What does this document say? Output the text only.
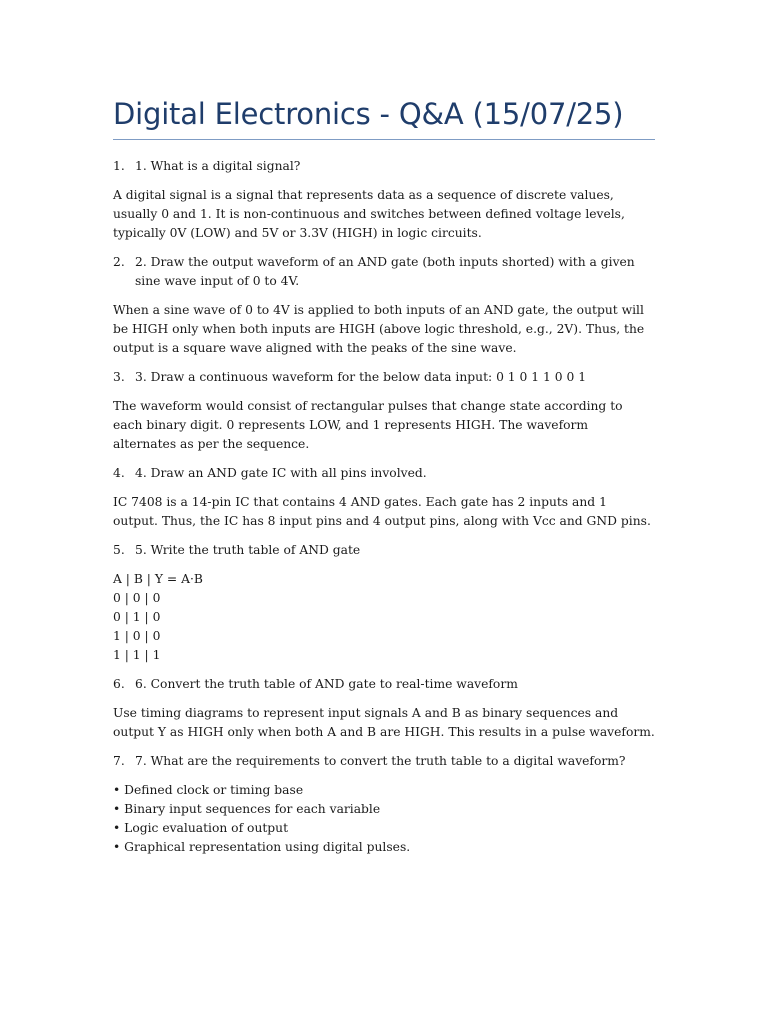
Digital Electronics - Q&A (15/07/25)
1. 1. What is a digital signal?

A digital signal is a signal that represents data as a sequence of discrete values, usually 0 and 1. It is non-continuous and switches between defined voltage levels, typically 0V (LOW) and 5V or 3.3V (HIGH) in logic circuits.

2. 2. Draw the output waveform of an AND gate (both inputs shorted) with a given sine wave input of 0 to 4V.

When a sine wave of 0 to 4V is applied to both inputs of an AND gate, the output will be HIGH only when both inputs are HIGH (above logic threshold, e.g., 2V). Thus, the output is a square wave aligned with the peaks of the sine wave.

3. 3. Draw a continuous waveform for the below data input: 0 1 0 1 1 0 0 1

The waveform would consist of rectangular pulses that change state according to each binary digit. 0 represents LOW, and 1 represents HIGH. The waveform alternates as per the sequence.

4. 4. Draw an AND gate IC with all pins involved.

IC 7408 is a 14-pin IC that contains 4 AND gates. Each gate has 2 inputs and 1 output. Thus, the IC has 8 input pins and 4 output pins, along with Vcc and GND pins.

5. 5. Write the truth table of AND gate
A | B | Y = A·B
0 | 0 | 0
0 | 1 | 0
1 | 0 | 0
1 | 1 | 1
6. 6. Convert the truth table of AND gate to real-time waveform

Use timing diagrams to represent input signals A and B as binary sequences and output Y as HIGH only when both A and B are HIGH. This results in a pulse waveform.

7. 7. What are the requirements to convert the truth table to a digital waveform?
• Defined clock or timing base
• Binary input sequences for each variable
• Logic evaluation of output
• Graphical representation using digital pulses.
